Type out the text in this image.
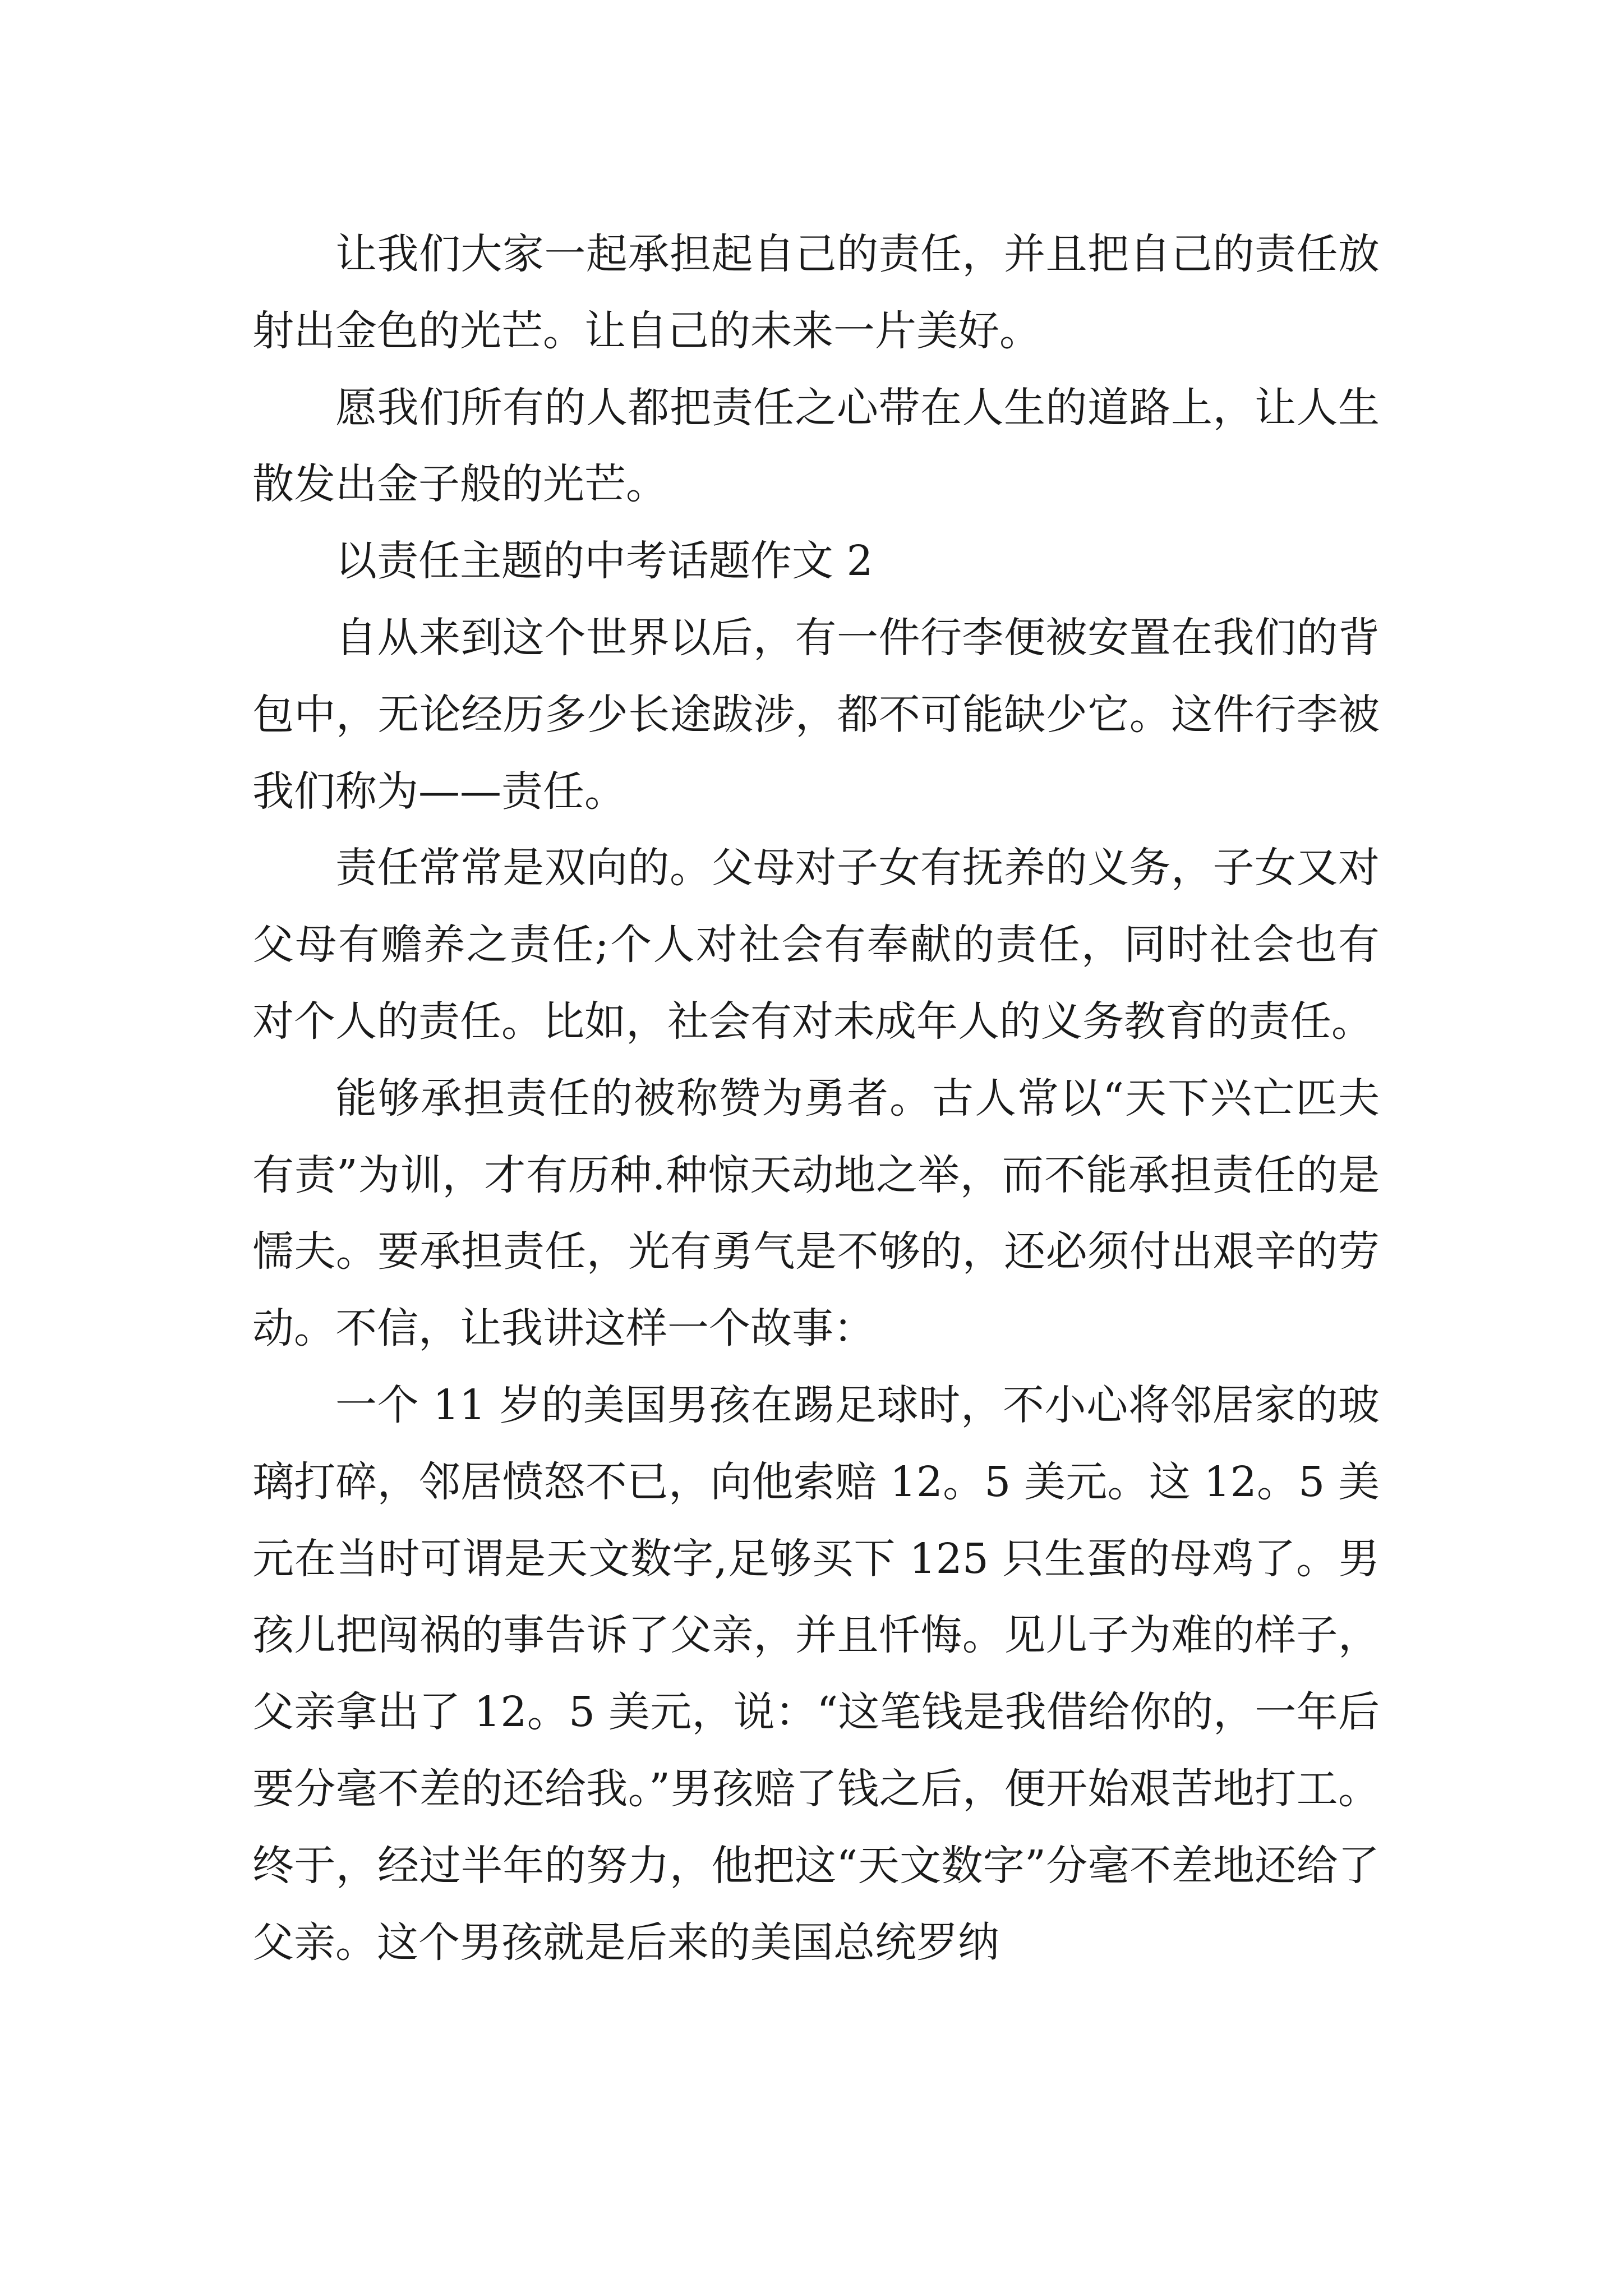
让我们大家一起承担起自己的责任，并且把自己的责任放射出金色的光芒。让自己的未来一片美好。

愿我们所有的人都把责任之心带在人生的道路上，让人生散发出金子般的光芒。

以责任主题的中考话题作文 2

自从来到这个世界以后，有一件行李便被安置在我们的背包中，无论经历多少长途跋涉，都不可能缺少它。这件行李被我们称为——责任。

责任常常是双向的。父母对子女有抚养的义务，子女又对父母有赡养之责任;个人对社会有奉献的责任，同时社会也有对个人的责任。比如，社会有对未成年人的义务教育的责任。

能够承担责任的被称赞为勇者。古人常以“天下兴亡匹夫有责”为训，才有历种.种惊天动地之举，而不能承担责任的是懦夫。要承担责任，光有勇气是不够的，还必须付出艰辛的劳动。不信，让我讲这样一个故事：

一个 11 岁的美国男孩在踢足球时，不小心将邻居家的玻璃打碎，邻居愤怒不已，向他索赔 12。5 美元。这 12。5 美元在当时可谓是天文数字,足够买下 125 只生蛋的母鸡了。男孩儿把闯祸的事告诉了父亲，并且忏悔。见儿子为难的样子，父亲拿出了 12。5 美元，说：“这笔钱是我借给你的，一年后要分毫不差的还给我。”男孩赔了钱之后，便开始艰苦地打工。终于，经过半年的努力，他把这“天文数字”分毫不差地还给了父亲。这个男孩就是后来的美国总统罗纳
